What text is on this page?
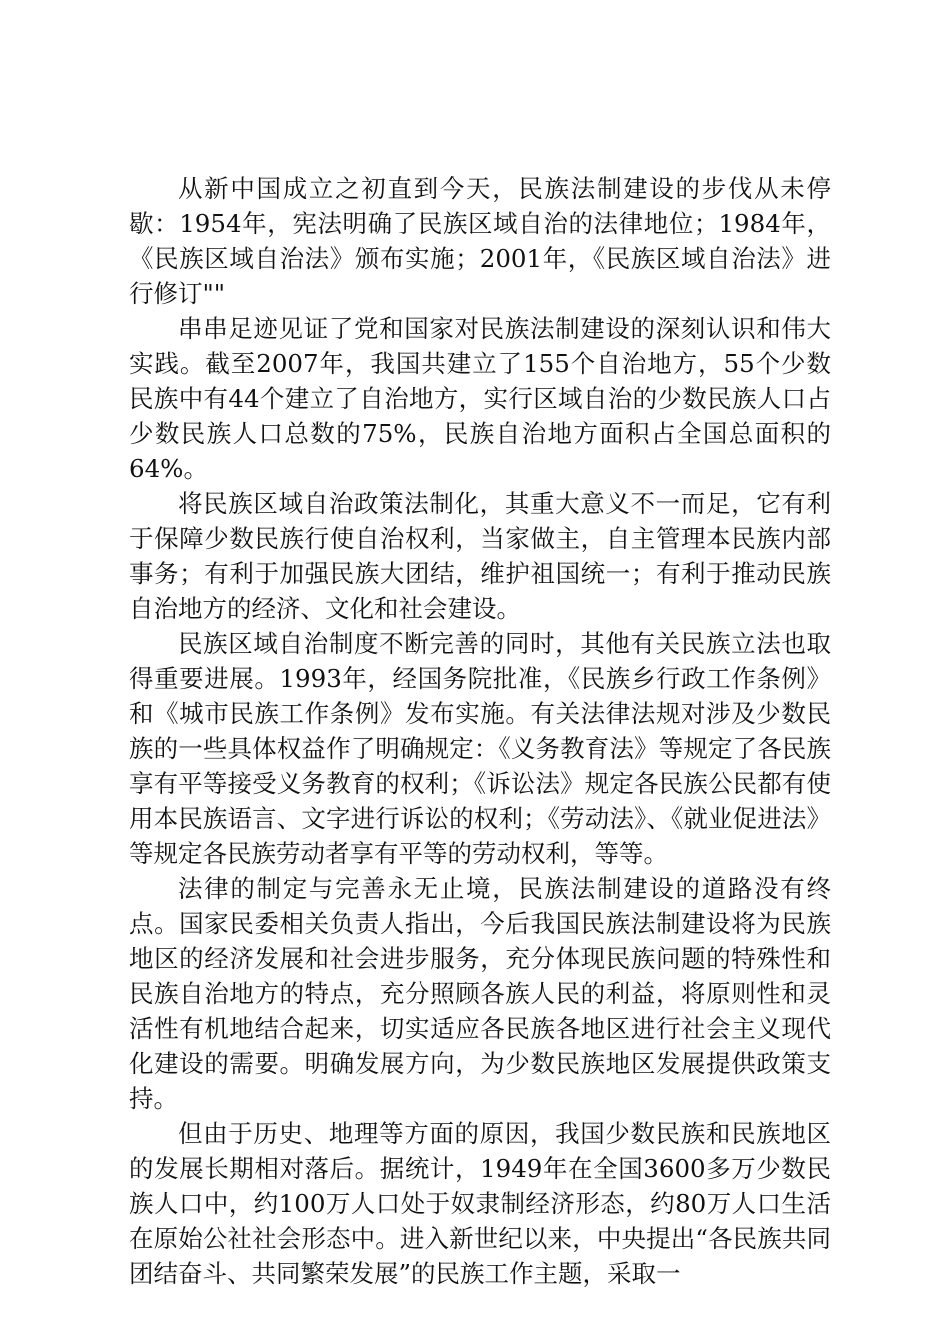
从新中国成立之初直到今天，民族法制建设的步伐从未停歇：1954年，宪法明确了民族区域自治的法律地位；1984年，《民族区域自治法》颁布实施；2001年，《民族区域自治法》进行修订""

串串足迹见证了党和国家对民族法制建设的深刻认识和伟大实践。截至2007年，我国共建立了155个自治地方，55个少数民族中有44个建立了自治地方，实行区域自治的少数民族人口占少数民族人口总数的75%，民族自治地方面积占全国总面积的64%。

将民族区域自治政策法制化，其重大意义不一而足，它有利于保障少数民族行使自治权利，当家做主，自主管理本民族内部事务；有利于加强民族大团结，维护祖国统一；有利于推动民族自治地方的经济、文化和社会建设。

民族区域自治制度不断完善的同时，其他有关民族立法也取得重要进展。1993年，经国务院批准，《民族乡行政工作条例》和《城市民族工作条例》发布实施。有关法律法规对涉及少数民族的一些具体权益作了明确规定：《义务教育法》等规定了各民族享有平等接受义务教育的权利；《诉讼法》规定各民族公民都有使用本民族语言、文字进行诉讼的权利；《劳动法》、《就业促进法》等规定各民族劳动者享有平等的劳动权利，等等。

法律的制定与完善永无止境，民族法制建设的道路没有终点。国家民委相关负责人指出，今后我国民族法制建设将为民族地区的经济发展和社会进步服务，充分体现民族问题的特殊性和民族自治地方的特点，充分照顾各族人民的利益，将原则性和灵活性有机地结合起来，切实适应各民族各地区进行社会主义现代化建设的需要。明确发展方向，为少数民族地区发展提供政策支持。

但由于历史、地理等方面的原因，我国少数民族和民族地区的发展长期相对落后。据统计，1949年在全国3600多万少数民族人口中，约100万人口处于奴隶制经济形态，约80万人口生活在原始公社社会形态中。进入新世纪以来，中央提出“各民族共同团结奋斗、共同繁荣发展”的民族工作主题，采取一
